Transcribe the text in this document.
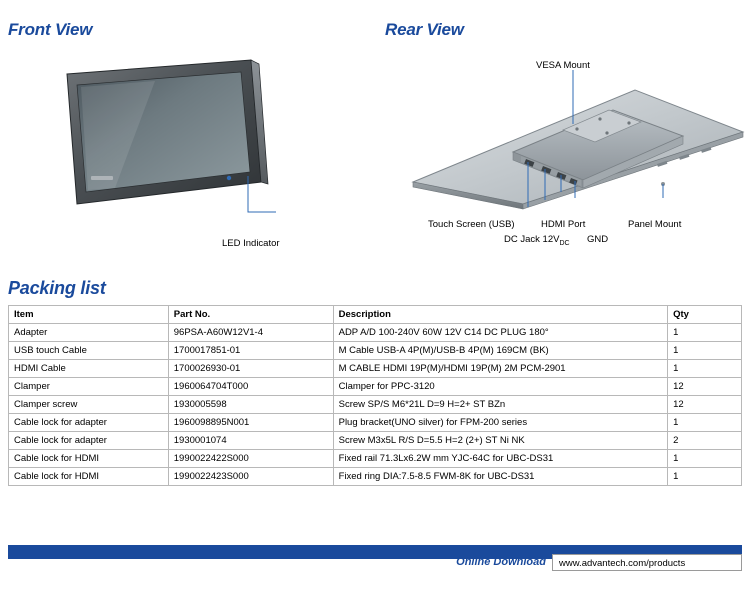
Front View	Rear View
Packing list
LED Indicator
VESA Mount
Touch Screen (USB)
DC Jack $12V_{DC}$
HDMI Port
GND
Panel Mount
Item	Part No.	Description	Qty
Adapter	96PSA-A60W12V1-4	ADP A/D 100-240V 60W 12V C14 DC PLUG 180°	1
USB touch Cable	1700017851-01	M Cable USB-A 4P(M)/USB-B 4P(M) 169CM (BK)	1
HDMI Cable	1700026930-01	M CABLE HDMI 19P(M)/HDMI 19P(M) 2M PCM-2901	1
Clamper	1960064704T000	Clamper for PPC-3120	12
Clamper screw	1930005598	Screw SP/S M6*21L D=9 H=2+ ST BZn	12
Cable lock for adapter	1960098895N001	Plug bracket(UNO silver) for FPM-200 series	1
Cable lock for adapter	1930001074	Screw M3x5L R/S D=5.5 H=2 (2+) ST Ni NK	2
Cable lock for HDMI	1990022422S000	Fixed rail 71.3Lx6.2W mm YJC-64C for UBC-DS31	1
Cable lock for HDMI	1990022423S000	Fixed ring DIA:7.5-8.5 FWM-8K for UBC-DS31	1
Online Download	www.advantech.com/products
